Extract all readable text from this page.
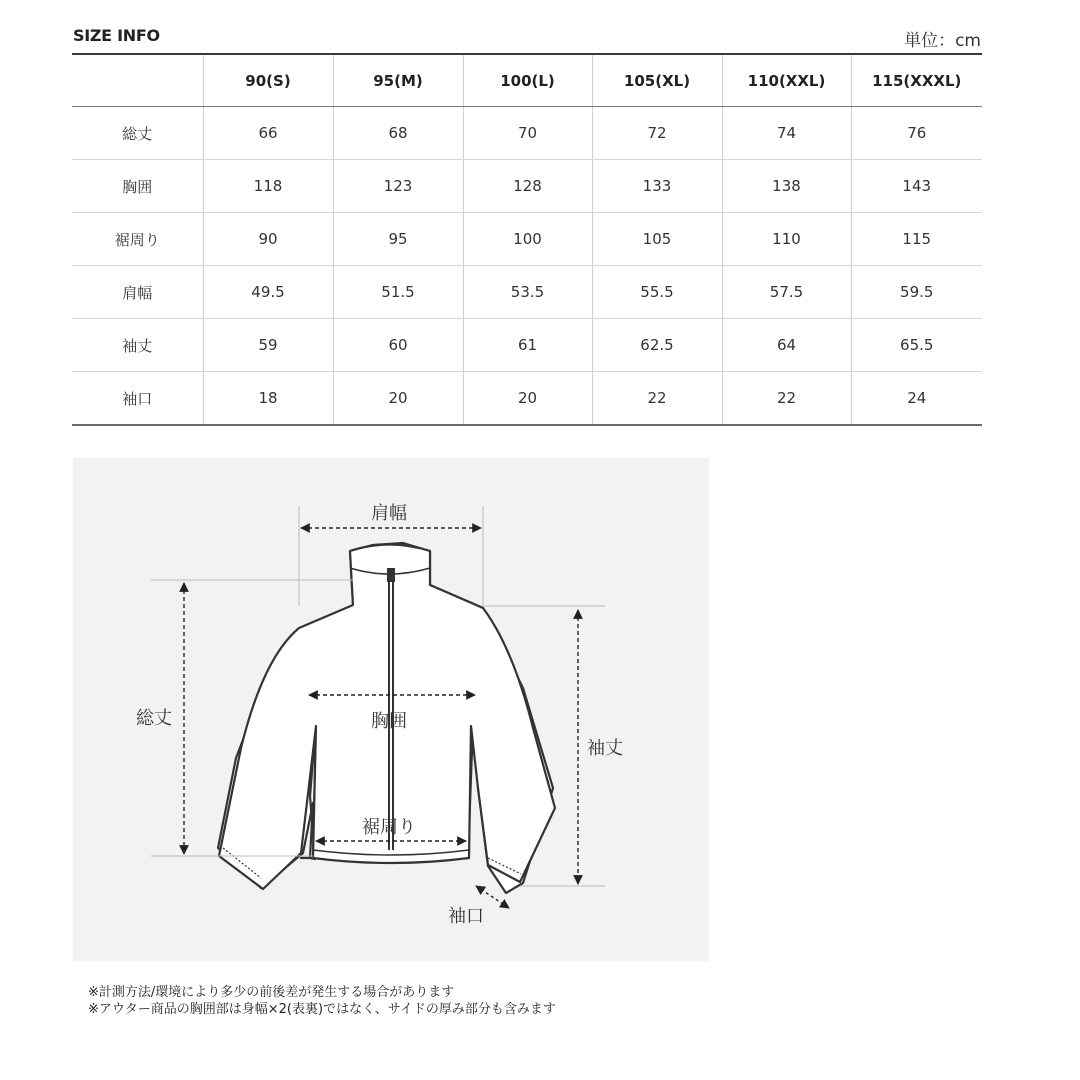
SIZE INFO	単位：cm
	90(S)	95(M)	100(L)	105(XL)	110(XXL)	115(XXXL)
総丈	66	68	70	72	74	76
胸囲	118	123	128	133	138	143
裾周り	90	95	100	105	110	115
肩幅	49.5	51.5	53.5	55.5	57.5	59.5
袖丈	59	60	61	62.5	64	65.5
袖口	18	20	20	22	22	24
肩幅
総丈	胸囲
裾周り
袖丈
袖口
※計測方法/環境により多少の前後差が発生する場合があります
※アウター商品の胸囲部は身幅×2(表裏)ではなく、サイドの厚み部分も含みます
